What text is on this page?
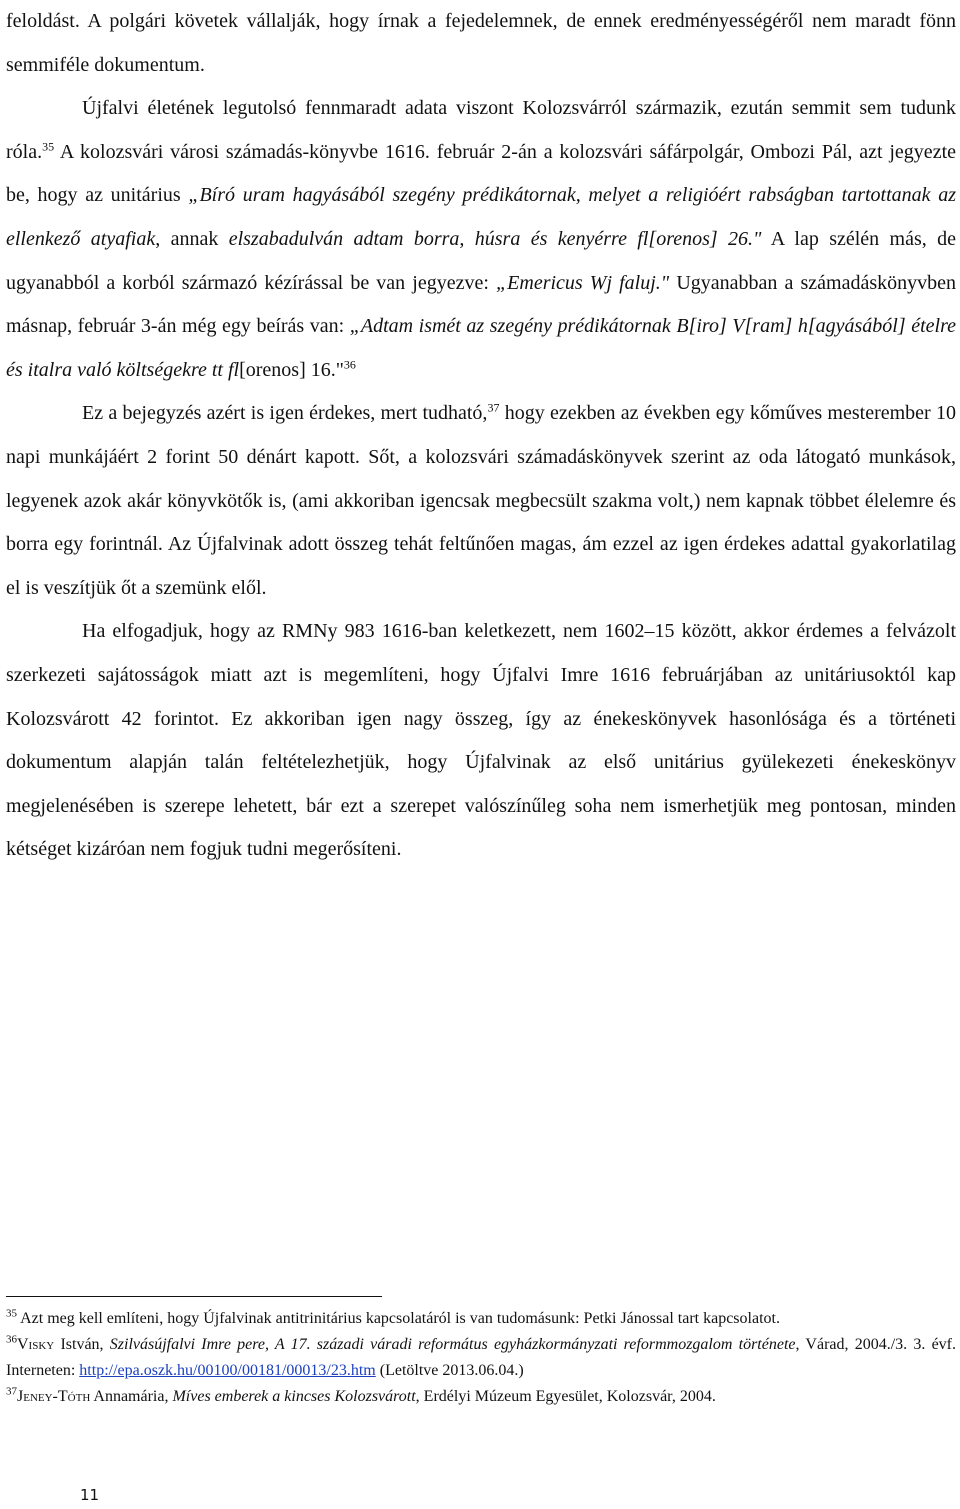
feloldást. A polgári követek vállalják, hogy írnak a fejedelemnek, de ennek eredményességéről nem maradt fönn semmiféle dokumentum.

Újfalvi életének legutolsó fennmaradt adata viszont Kolozsvárról származik, ezután semmit sem tudunk róla.$^{35}$ A kolozsvári városi számadás-könyvbe 1616. február 2-án a kolozsvári sáfárpolgár, Ombozi Pál, azt jegyezte be, hogy az unitárius „Bíró uram hagyásából szegény prédikátornak, melyet a religióért rabságban tartottanak az ellenkező atyafiak, annak elszabadulván adtam borra, húsra és kenyérre fl[orenos] 26." A lap szélén más, de ugyanabból a korból származó kézírással be van jegyezve: „Emericus Wj faluj." Ugyanabban a számadáskönyvben másnap, február 3-án még egy beírás van: „Adtam ismét az szegény prédikátornak B[iro] V[ram] h[agyásából] ételre és italra való költségekre tt fl[orenos] 16."$^{36}$

Ez a bejegyzés azért is igen érdekes, mert tudható,$^{37}$ hogy ezekben az években egy kőműves mesterember 10 napi munkájáért 2 forint 50 dénárt kapott. Sőt, a kolozsvári számadáskönyvek szerint az oda látogató munkások, legyenek azok akár könyvkötők is, (ami akkoriban igencsak megbecsült szakma volt,) nem kapnak többet élelemre és borra egy forintnál. Az Újfalvinak adott összeg tehát feltűnően magas, ám ezzel az igen érdekes adattal gyakorlatilag el is veszítjük őt a szemünk elől.

Ha elfogadjuk, hogy az RMNy 983 1616-ban keletkezett, nem 1602–15 között, akkor érdemes a felvázolt szerkezeti sajátosságok miatt azt is megemlíteni, hogy Újfalvi Imre 1616 februárjában az unitáriusoktól kap Kolozsvárott 42 forintot. Ez akkoriban igen nagy összeg, így az énekeskönyvek hasonlósága és a történeti dokumentum alapján talán feltételezhetjük, hogy Újfalvinak az első unitárius gyülekezeti énekeskönyv megjelenésében is szerepe lehetett, bár ezt a szerepet valószínűleg soha nem ismerhetjük meg pontosan, minden kétséget kizáróan nem fogjuk tudni megerősíteni.

$^{35}$ Azt meg kell említeni, hogy Újfalvinak antitrinitárius kapcsolatáról is van tudomásunk: Petki Jánossal tart kapcsolatot.

$^{36}$Visky István, Szilvásújfalvi Imre pere, A 17. századi váradi református egyházkormányzati reformmozgalom története, Várad, 2004./3. 3. évf. Interneten: http://epa.oszk.hu/00100/00181/00013/23.htm (Letöltve 2013.06.04.)

$^{37}$Jeney-Tóth Annamária, Míves emberek a kincses Kolozsvárott, Erdélyi Múzeum Egyesület, Kolozsvár, 2004.

11
